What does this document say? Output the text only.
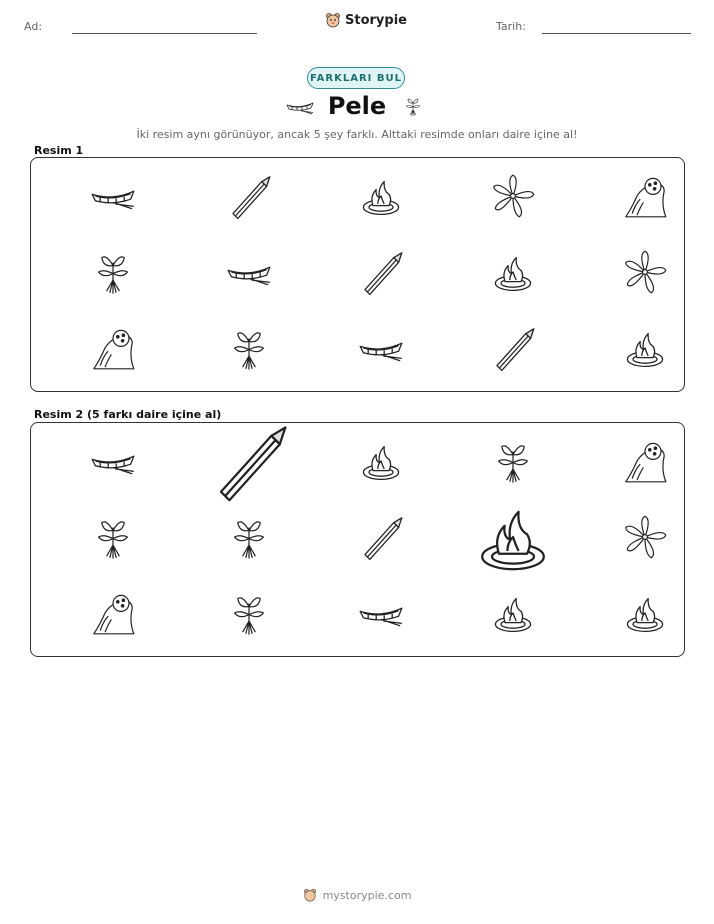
Ad:	Storypie	Tarih:
FARKLARI BUL
Pele
İki resim aynı görünüyor, ancak 5 şey farklı. Alttaki resimde onları daire içine al!
Resim 1
Resim 2 (5 farkı daire içine al)
mystorypie.com
